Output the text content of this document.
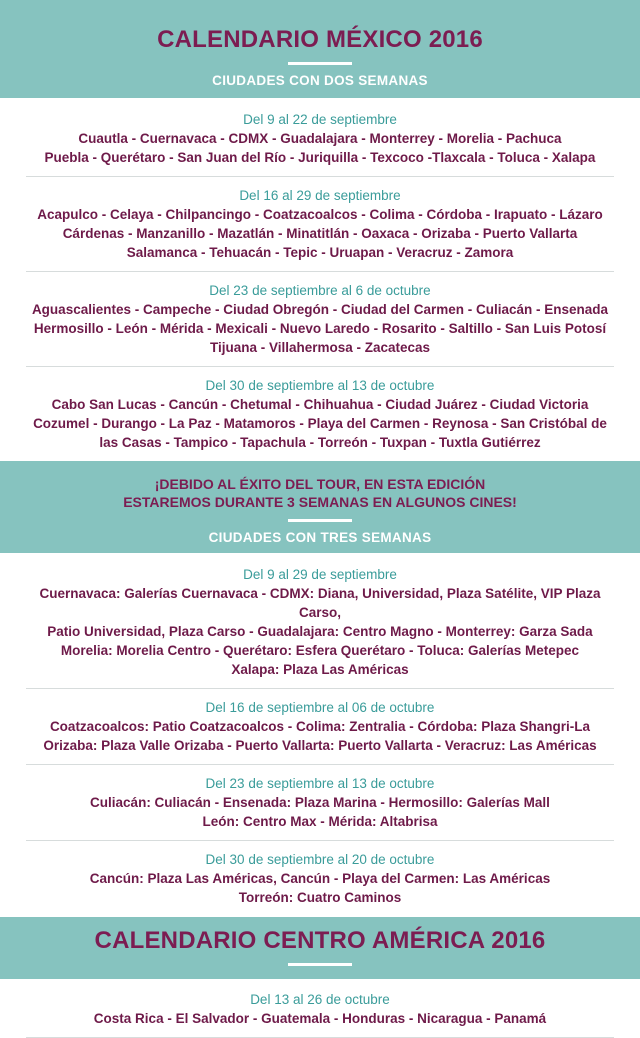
CALENDARIO MÉXICO 2016
CIUDADES CON DOS SEMANAS
Del 9 al 22 de septiembre
Cuautla - Cuernavaca - CDMX - Guadalajara - Monterrey - Morelia - Pachuca
Puebla - Querétaro - San Juan del Río - Juriquilla - Texcoco -Tlaxcala - Toluca - Xalapa
Del 16 al 29 de septiembre
Acapulco - Celaya - Chilpancingo - Coatzacoalcos - Colima - Córdoba - Irapuato - Lázaro
Cárdenas - Manzanillo - Mazatlán - Minatitlán - Oaxaca - Orizaba - Puerto Vallarta
Salamanca - Tehuacán - Tepic - Uruapan - Veracruz - Zamora
Del 23 de septiembre al 6 de octubre
Aguascalientes - Campeche - Ciudad Obregón - Ciudad del Carmen - Culiacán - Ensenada
Hermosillo - León - Mérida - Mexicali - Nuevo Laredo - Rosarito - Saltillo - San Luis Potosí
Tijuana - Villahermosa - Zacatecas
Del 30 de septiembre al 13 de octubre
Cabo San Lucas - Cancún - Chetumal - Chihuahua - Ciudad Juárez - Ciudad Victoria
Cozumel - Durango - La Paz - Matamoros - Playa del Carmen - Reynosa - San Cristóbal de
las Casas - Tampico - Tapachula - Torreón - Tuxpan - Tuxtla Gutiérrez
¡DEBIDO AL ÉXITO DEL TOUR, EN ESTA EDICIÓN
ESTAREMOS DURANTE 3 SEMANAS EN ALGUNOS CINES!
CIUDADES CON TRES SEMANAS
Del 9 al 29 de septiembre
Cuernavaca: Galerías Cuernavaca - CDMX: Diana, Universidad, Plaza Satélite, VIP Plaza Carso,
Patio Universidad, Plaza Carso - Guadalajara: Centro Magno - Monterrey: Garza Sada
Morelia: Morelia Centro - Querétaro: Esfera Querétaro - Toluca: Galerías Metepec
Xalapa: Plaza Las Américas
Del 16 de septiembre al 06 de octubre
Coatzacoalcos: Patio Coatzacoalcos - Colima: Zentralia - Córdoba: Plaza Shangri-La
Orizaba: Plaza Valle Orizaba - Puerto Vallarta: Puerto Vallarta - Veracruz: Las Américas
Del 23 de septiembre al 13 de octubre
Culiacán: Culiacán - Ensenada: Plaza Marina - Hermosillo: Galerías Mall
León: Centro Max - Mérida: Altabrisa
Del 30 de septiembre al 20 de octubre
Cancún: Plaza Las Américas, Cancún - Playa del Carmen: Las Américas
Torreón: Cuatro Caminos
CALENDARIO CENTRO AMÉRICA 2016
Del 13 al 26 de octubre
Costa Rica - El Salvador - Guatemala - Honduras - Nicaragua - Panamá
